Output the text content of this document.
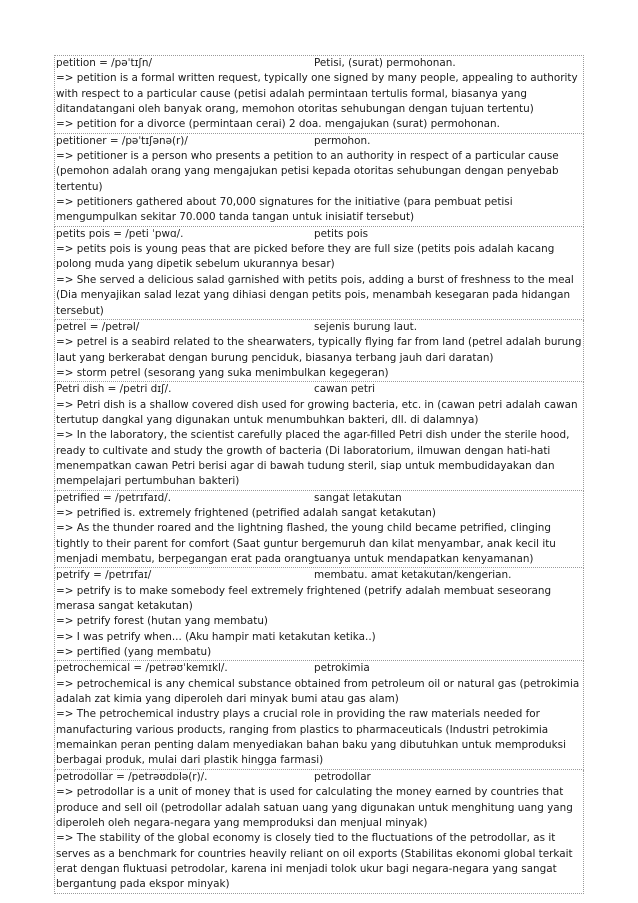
petition = /pəˈtɪʃn/	Petisi, (surat) permohonan.
=> petition is a formal written request, typically one signed by many people, appealing to authority with respect to a particular cause (petisi adalah permintaan tertulis formal, biasanya yang ditandatangani oleh banyak orang, memohon otoritas sehubungan dengan tujuan tertentu)
=> petition for a divorce (permintaan cerai) 2 doa. mengajukan (surat) permohonan.
petitioner = /pəˈtɪʃənə(r)/	permohon.
=> petitioner is a person who presents a petition to an authority in respect of a particular cause (pemohon adalah orang yang mengajukan petisi kepada otoritas sehubungan dengan penyebab tertentu)
=> petitioners gathered about 70,000 signatures for the initiative (para pembuat petisi mengumpulkan sekitar 70.000 tanda tangan untuk inisiatif tersebut)
petits pois = /peti ˈpwɑ/.	petits pois
=> petits pois is young peas that are picked before they are full size (petits pois adalah kacang polong muda yang dipetik sebelum ukurannya besar)
=> She served a delicious salad garnished with petits pois, adding a burst of freshness to the meal (Dia menyajikan salad lezat yang dihiasi dengan petits pois, menambah kesegaran pada hidangan tersebut)
petrel = /petrəl/	sejenis burung laut.
=> petrel is a seabird related to the shearwaters, typically flying far from land (petrel adalah burung laut yang berkerabat dengan burung penciduk, biasanya terbang jauh dari daratan)
=> storm petrel (sesorang yang suka menimbulkan kegegeran)
Petri dish = /petri dɪʃ/.	cawan petri
=> Petri dish is a shallow covered dish used for growing bacteria, etc. in (cawan petri adalah cawan tertutup dangkal yang digunakan untuk menumbuhkan bakteri, dll. di dalamnya)
=> In the laboratory, the scientist carefully placed the agar-filled Petri dish under the sterile hood, ready to cultivate and study the growth of bacteria (Di laboratorium, ilmuwan dengan hati-hati menempatkan cawan Petri berisi agar di bawah tudung steril, siap untuk membudidayakan dan mempelajari pertumbuhan bakteri)
petrified = /petrɪfaɪd/.	sangat letakutan
=> petrified is. extremely frightened (petrified adalah sangat ketakutan)
=> As the thunder roared and the lightning flashed, the young child became petrified, clinging tightly to their parent for comfort (Saat guntur bergemuruh dan kilat menyambar, anak kecil itu menjadi membatu, berpegangan erat pada orangtuanya untuk mendapatkan kenyamanan)
petrify = /petrɪfaɪ/	membatu. amat ketakutan/kengerian.
=> petrify is to make somebody feel extremely frightened (petrify adalah membuat seseorang merasa sangat ketakutan)
=> petrify forest (hutan yang membatu)
=> I was petrify when... (Aku hampir mati ketakutan ketika..)
=> pertified (yang membatu)
petrochemical = /petrəʊˈkemɪkl/.	petrokimia
=> petrochemical is any chemical substance obtained from petroleum oil or natural gas (petrokimia adalah zat kimia yang diperoleh dari minyak bumi atau gas alam)
=> The petrochemical industry plays a crucial role in providing the raw materials needed for manufacturing various products, ranging from plastics to pharmaceuticals (Industri petrokimia memainkan peran penting dalam menyediakan bahan baku yang dibutuhkan untuk memproduksi berbagai produk, mulai dari plastik hingga farmasi)
petrodollar = /petrəʊdɒlə(r)/.	petrodollar
=> petrodollar is a unit of money that is used for calculating the money earned by countries that produce and sell oil (petrodollar adalah satuan uang yang digunakan untuk menghitung uang yang diperoleh oleh negara-negara yang memproduksi dan menjual minyak)
=> The stability of the global economy is closely tied to the fluctuations of the petrodollar, as it serves as a benchmark for countries heavily reliant on oil exports (Stabilitas ekonomi global terkait erat dengan fluktuasi petrodolar, karena ini menjadi tolok ukur bagi negara-negara yang sangat bergantung pada ekspor minyak)
